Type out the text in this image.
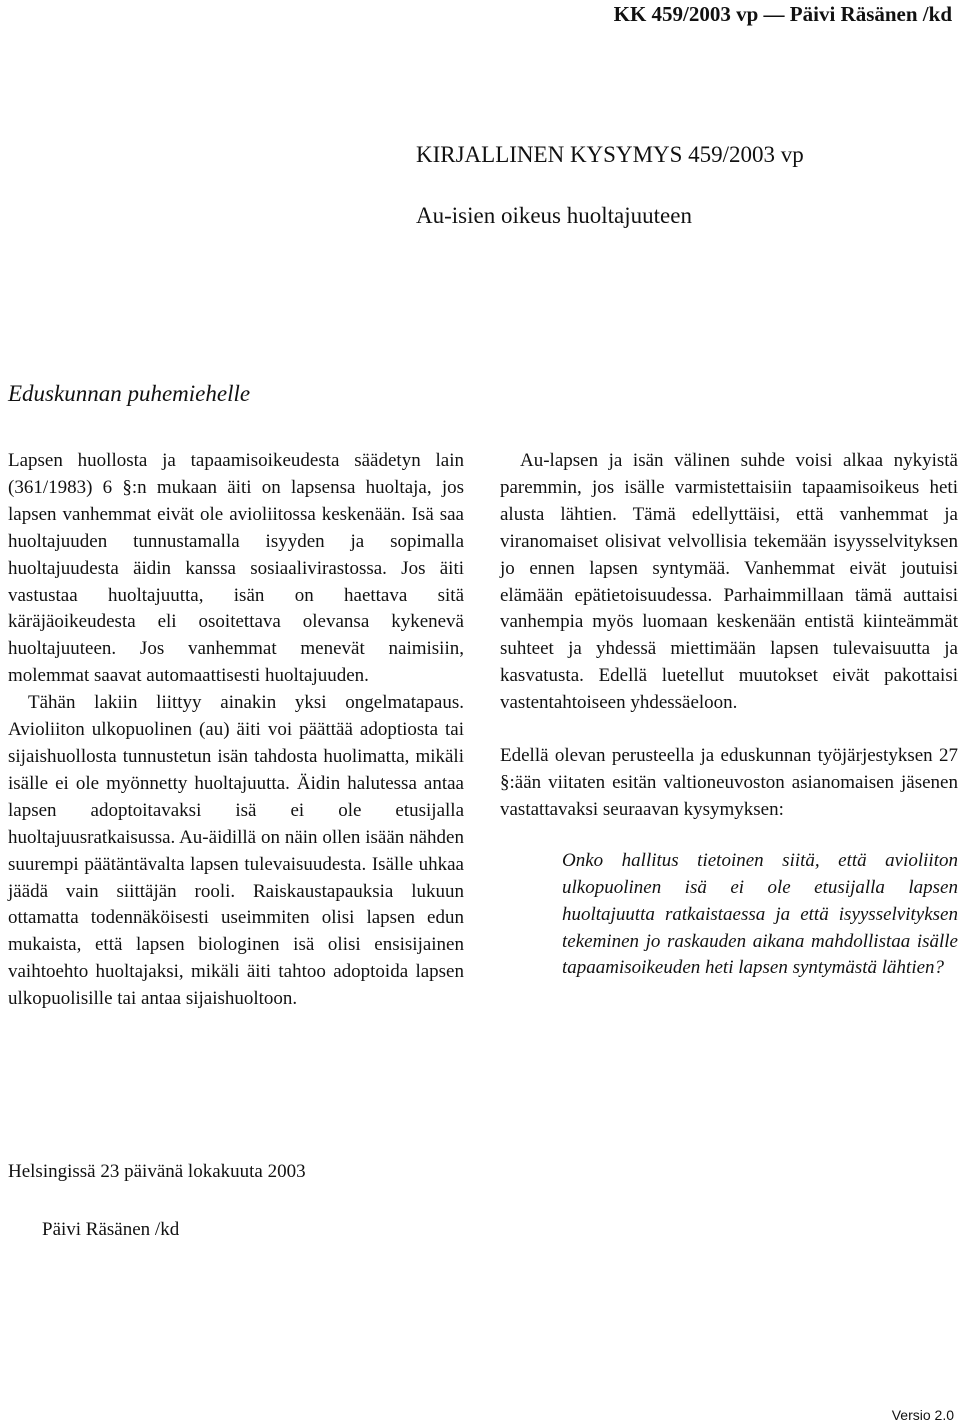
KK 459/2003 vp — Päivi Räsänen /kd
KIRJALLINEN KYSYMYS 459/2003 vp
Au-isien oikeus huoltajuuteen
Eduskunnan puhemiehelle

Lapsen huollosta ja tapaamisoikeudesta säädetyn lain (361/1983) 6 §:n mukaan äiti on lapsensa huoltaja, jos lapsen vanhemmat eivät ole avioliitossa keskenään. Isä saa huoltajuuden tunnustamalla isyyden ja sopimalla huoltajuudesta äidin kanssa sosiaalivirastossa. Jos äiti vastustaa huoltajuutta, isän on haettava sitä käräjäoikeudesta eli osoitettava olevansa kykenevä huoltajuuteen. Jos vanhemmat menevät naimisiin, molemmat saavat automaattisesti huoltajuuden.

Tähän lakiin liittyy ainakin yksi ongelmatapaus. Avioliiton ulkopuolinen (au) äiti voi päättää adoptiosta tai sijaishuollosta tunnustetun isän tahdosta huolimatta, mikäli isälle ei ole myönnetty huoltajuutta. Äidin halutessa antaa lapsen adoptoitavaksi isä ei ole etusijalla huoltajuusratkaisussa. Au-äidillä on näin ollen isään nähden suurempi päätäntävalta lapsen tulevaisuudesta. Isälle uhkaa jäädä vain siittäjän rooli. Raiskaustapauksia lukuun ottamatta todennäköisesti useimmiten olisi lapsen edun mukaista, että lapsen biologinen isä olisi ensisijainen vaihtoehto huoltajaksi, mikäli äiti tahtoo adoptoida lapsen ulkopuolisille tai antaa sijaishuoltoon.

Au-lapsen ja isän välinen suhde voisi alkaa nykyistä paremmin, jos isälle varmistettaisiin tapaamisoikeus heti alusta lähtien. Tämä edellyttäisi, että vanhemmat ja viranomaiset olisivat velvollisia tekemään isyysselvityksen jo ennen lapsen syntymää. Vanhemmat eivät joutuisi elämään epätietoisuudessa. Parhaimmillaan tämä auttaisi vanhempia myös luomaan keskenään entistä kiinteämmät suhteet ja yhdessä miettimään lapsen tulevaisuutta ja kasvatusta. Edellä luetellut muutokset eivät pakottaisi vastentahtoiseen yhdessäeloon.

Edellä olevan perusteella ja eduskunnan työjärjestyksen 27 §:ään viitaten esitän valtioneuvoston asianomaisen jäsenen vastattavaksi seuraavan kysymyksen:

Onko hallitus tietoinen siitä, että avioliiton ulkopuolinen isä ei ole etusijalla lapsen huoltajuutta ratkaistaessa ja että isyysselvityksen tekeminen jo raskauden aikana mahdollistaa isälle tapaamisoikeuden heti lapsen syntymästä lähtien?

Helsingissä 23 päivänä lokakuuta 2003
Päivi Räsänen /kd
Versio 2.0
